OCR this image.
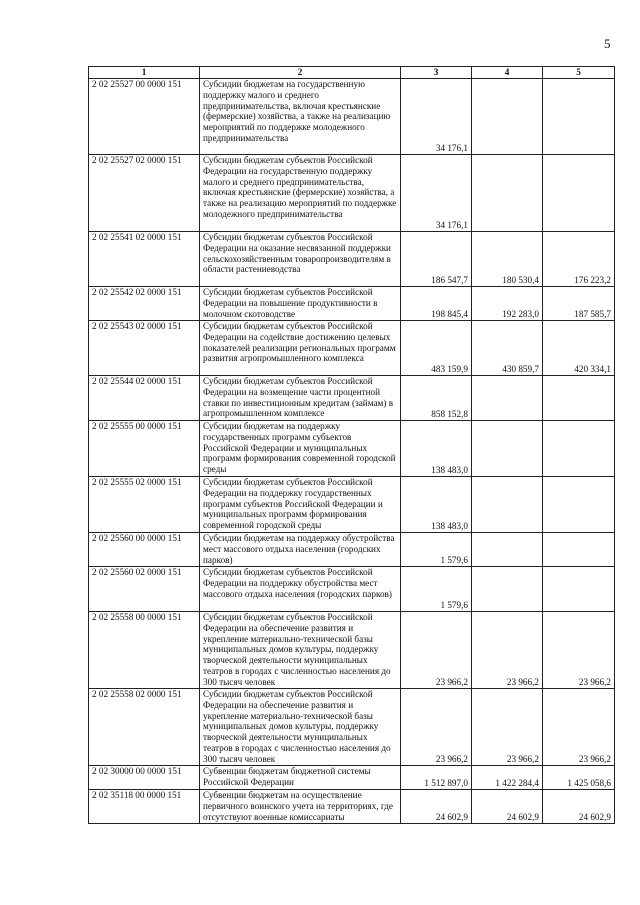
5
1	2	3	4	5
2 02 25527 00 0000 151	Субсидии бюджетам на государственную поддержку малого и среднего предпринимательства, включая крестьянские (фермерские) хозяйства, а также на реализацию мероприятий по поддержке молодежного предпринимательства	34 176,1		
2 02 25527 02 0000 151	Субсидии бюджетам субъектов Российской Федерации на государственную поддержку малого и среднего предпринимательства, включая крестьянские (фермерские) хозяйства, а также на реализацию мероприятий по поддержке молодежного предпринимательства	34 176,1		
2 02 25541 02 0000 151	Субсидии бюджетам субъектов Российской Федерации на оказание несвязанной поддержки сельскохозяйственным товаропроизводителям в области растениеводства	186 547,7	180 530,4	176 223,2
2 02 25542 02 0000 151	Субсидии бюджетам субъектов Российской Федерации на повышение продуктивности в молочном скотоводстве	198 845,4	192 283,0	187 585,7
2 02 25543 02 0000 151	Субсидии бюджетам субъектов Российской Федерации на содействие достижению целевых показателей реализации региональных программ развития агропромышленного комплекса	483 159,9	430 859,7	420 334,1
2 02 25544 02 0000 151	Субсидии бюджетам субъектов Российской Федерации на возмещение части процентной ставки по инвестиционным кредитам (займам) в агропромышленном комплексе	858 152,8		
2 02 25555 00 0000 151	Субсидии бюджетам на поддержку государственных программ субъектов Российской Федерации и муниципальных программ формирования современной городской среды	138 483,0		
2 02 25555 02 0000 151	Субсидии бюджетам субъектов Российской Федерации на поддержку государственных программ субъектов Российской Федерации и муниципальных программ формирования современной городской среды	138 483,0		
2 02 25560 00 0000 151	Субсидии бюджетам на поддержку обустройства мест массового отдыха населения (городских парков)	1 579,6		
2 02 25560 02 0000 151	Субсидии бюджетам субъектов Российской Федерации на поддержку обустройства мест массового отдыха населения (городских парков)	1 579,6		
2 02 25558 00 0000 151	Субсидии бюджетам субъектов Российской Федерации на обеспечение развития и укрепление материально-технической базы муниципальных домов культуры, поддержку творческой деятельности муниципальных театров в городах с численностью населения до 300 тысяч человек	23 966,2	23 966,2	23 966,2
2 02 25558 02 0000 151	Субсидии бюджетам субъектов Российской Федерации на обеспечение развития и укрепление материально-технической базы муниципальных домов культуры, поддержку творческой деятельности муниципальных театров в городах с численностью населения до 300 тысяч человек	23 966,2	23 966,2	23 966,2
2 02 30000 00 0000 151	Субвенции бюджетам бюджетной системы Российской Федерации	1 512 897,0	1 422 284,4	1 425 058,6
2 02 35118 00 0000 151	Субвенции бюджетам на осуществление первичного воинского учета на территориях, где отсутствуют военные комиссариаты	24 602,9	24 602,9	24 602,9
